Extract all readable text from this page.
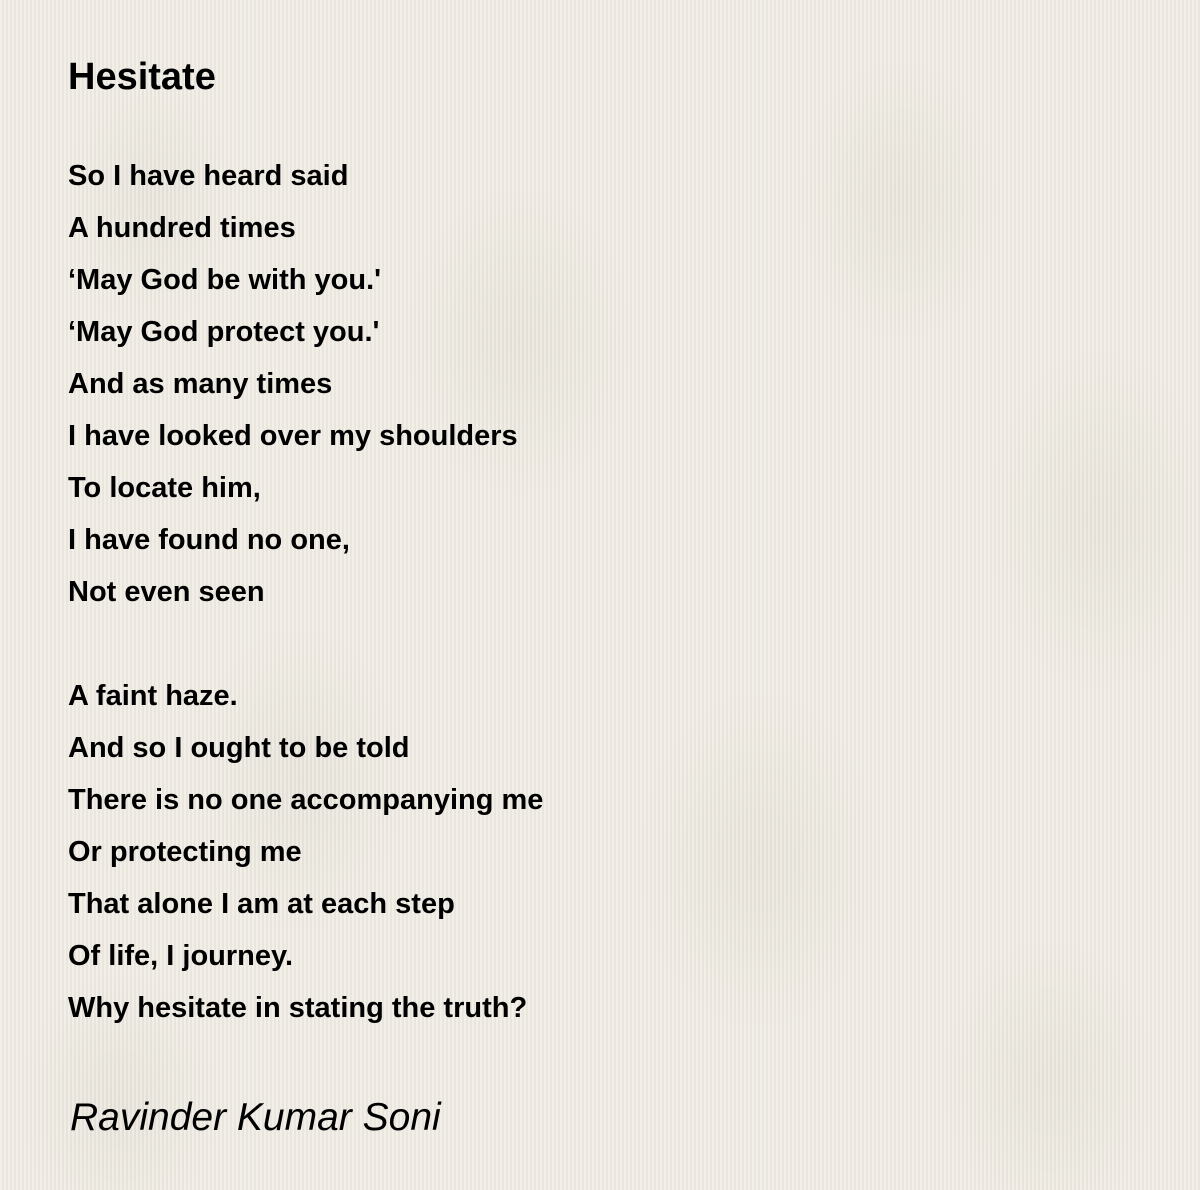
Hesitate
So I have heard said
A hundred times
‘May God be with you.'
‘May God protect you.'
And as many times
I have looked over my shoulders
To locate him,
I have found no one,
Not even seen
A faint haze.
And so I ought to be told
There is no one accompanying me
Or protecting me
That alone I am at each step
Of life, I journey.
Why hesitate in stating the truth?
Ravinder Kumar Soni
